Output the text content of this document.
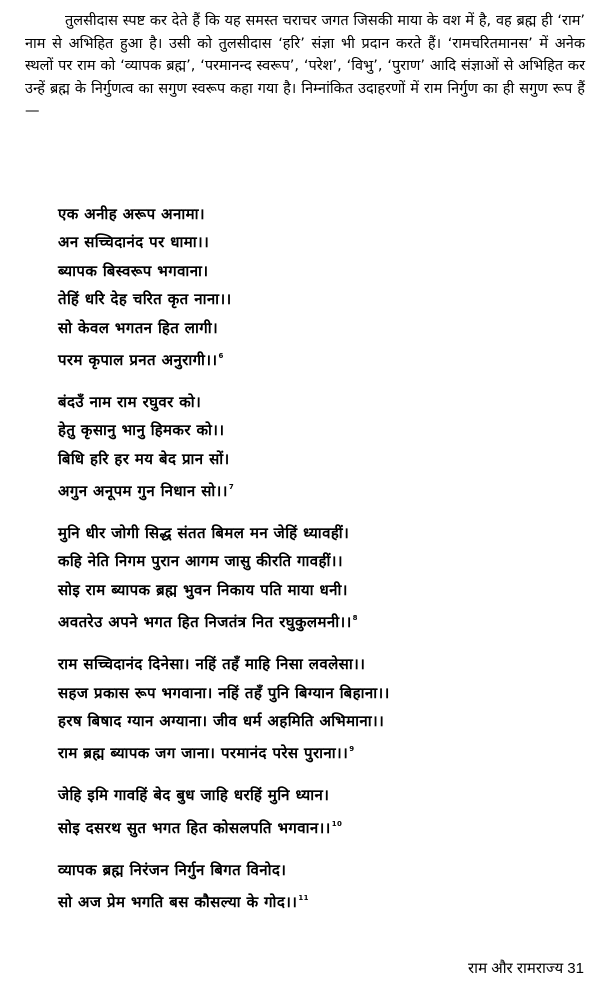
तुलसीदास स्पष्ट कर देते हैं कि यह समस्त चराचर जगत जिसकी माया के वश में है, वह ब्रह्म ही ‘राम’ नाम से अभिहित हुआ है। उसी को तुलसीदास ‘हरि’ संज्ञा भी प्रदान करते हैं। ‘रामचरितमानस’ में अनेक स्थलों पर राम को ‘व्यापक ब्रह्म’, ‘परमानन्द स्वरूप’, ‘परेश’, ‘विभु’, ‘पुराण’ आदि संज्ञाओं से अभिहित कर उन्हें ब्रह्म के निर्गुणत्व का सगुण स्वरूप कहा गया है। निम्नांकित उदाहरणों में राम निर्गुण का ही सगुण रूप हैं—

एक अनीह अरूप अनामा।
अन सच्चिदानंद पर धामा।।
ब्यापक बिस्वरूप भगवाना।
तेहिं धरि देह चरित कृत नाना।।
सो केवल भगतन हित लागी।
परम कृपाल प्रनत अनुरागी।।$^6$
बंदउँ नाम राम रघुवर को।
हेतु कृसानु भानु हिमकर को।।
बिधि हरि हर मय बेद प्रान सों।
अगुन अनूपम गुन निधान सो।।$^7$
मुनि धीर जोगी सिद्ध संतत बिमल मन जेहिं ध्यावहीं।
कहि नेति निगम पुरान आगम जासु कीरति गावहीं।।
सोइ राम ब्यापक ब्रह्म भुवन निकाय पति माया धनी।
अवतरेउ अपने भगत हित निजतंत्र नित रघुकुलमनी।।$^8$
राम सच्चिदानंद दिनेसा। नहिं तहँ माहि निसा लवलेसा।।
सहज प्रकास रूप भगवाना। नहिं तहँ पुनि बिग्यान बिहाना।।
हरष बिषाद ग्यान अग्याना। जीव धर्म अहमिति अभिमाना।।
राम ब्रह्म ब्यापक जग जाना। परमानंद परेस पुराना।।$^9$
जेहि इमि गावहिं बेद बुध जाहि धरहिं मुनि ध्यान।
सोइ दसरथ सुत भगत हित कोसलपति भगवान।।$^{10}$
व्यापक ब्रह्म निरंजन निर्गुन बिगत विनोद।
सो अज प्रेम भगति बस कौसल्या के गोद।।$^{11}$
राम और रामराज्य 31
